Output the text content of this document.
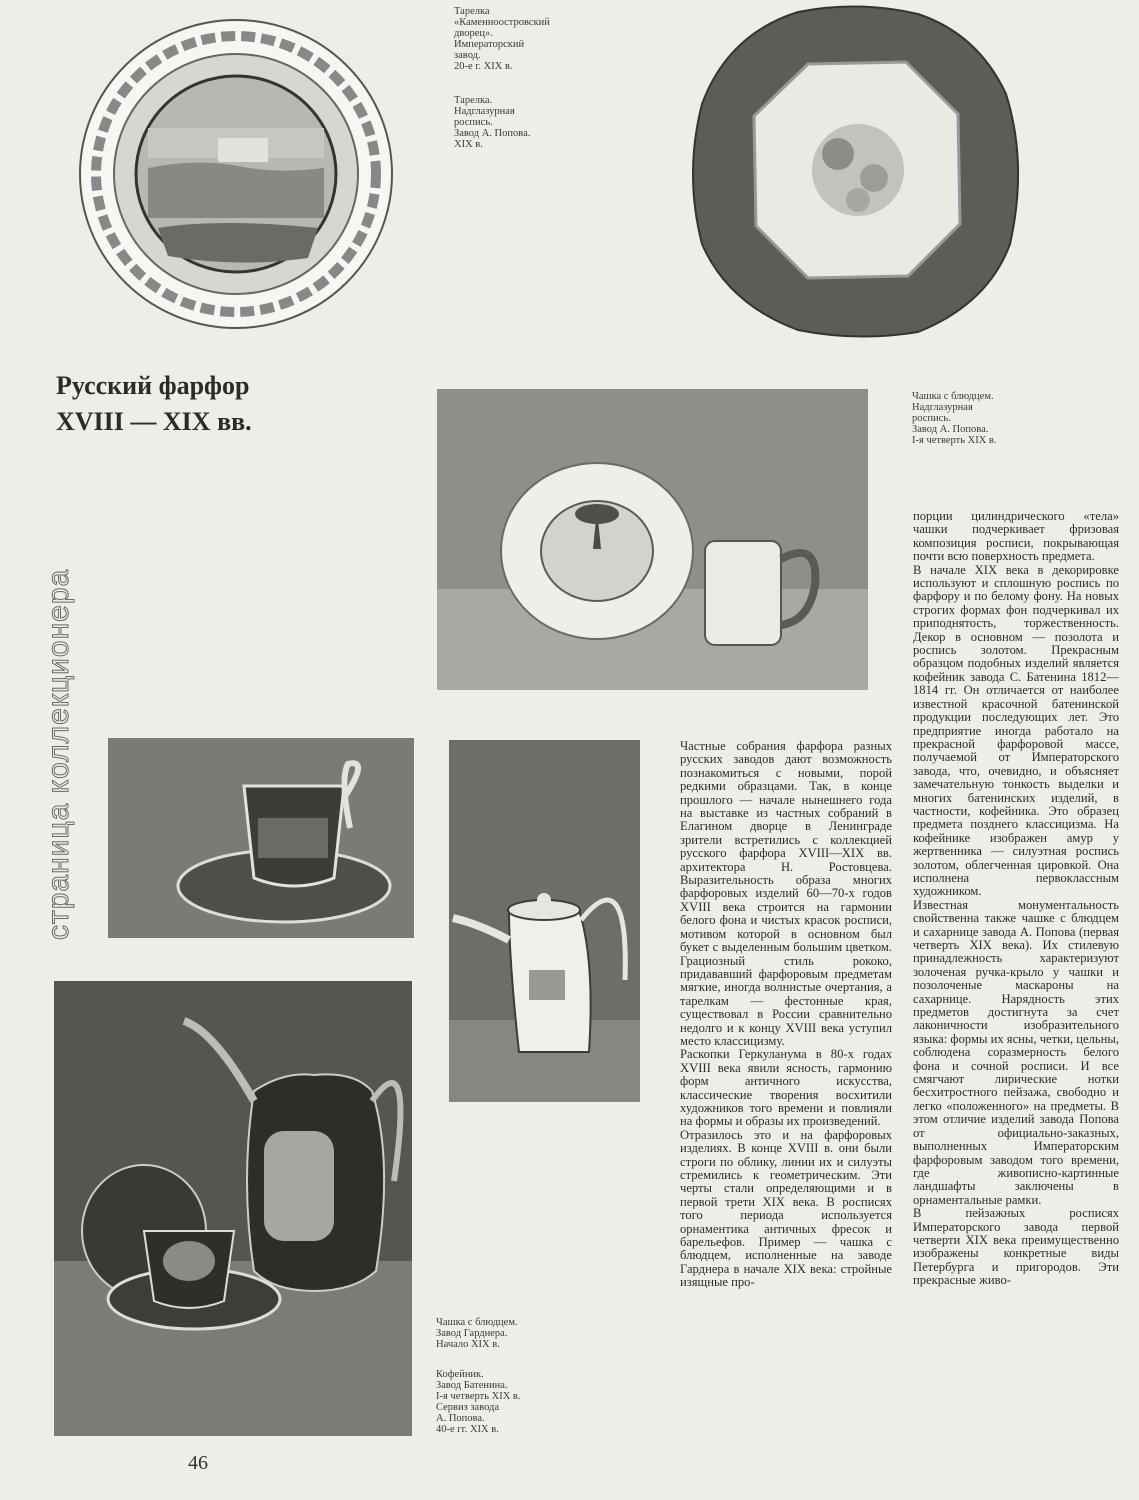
Тарелка
«Каменноостровский
дворец».
Императорский
завод.
20-е г. XIX в.
Тарелка.
Надглазурная
роспись.
Завод А. Попова.
XIX в.
Русский фарфор
XVIII — XIX вв.
страница коллекционера
Чашка с блюдцем.
Надглазурная
роспись.
Завод А. Попова.
I-я четверть XIX в.
Чашка с блюдцем.
Завод Гарднера.
Начало XIX в.
Кофейник.
Завод Батенина.
I-я четверть XIX в.
Сервиз завода
А. Попова.
40-е гг. XIX в.

Частные собрания фарфора разных русских заводов дают возможность познакомиться с новыми, порой редкими образцами. Так, в конце прошлого — начале нынешнего года на выставке из частных собраний в Елагином дворце в Ленинграде зрители встретились с коллекцией русского фарфора XVIII—XIX вв. архитектора Н. Ростовцева. Выразительность образа многих фарфоровых изделий 60—70-х годов XVIII века строится на гармонии белого фона и чистых красок росписи, мотивом которой в основном был букет с выделенным большим цветком. Грациозный стиль рококо, придававший фарфоровым предметам мягкие, иногда волнистые очертания, а тарелкам — фестонные края, существовал в России сравнительно недолго и к концу XVIII века уступил место классицизму.

Раскопки Геркуланума в 80-х годах XVIII века явили ясность, гармонию форм античного искусства, классические творения восхитили художников того времени и повлияли на формы и образы их произведений.

Отразилось это и на фарфоровых изделиях. В конце XVIII в. они были строги по облику, линии их и силуэты стремились к геометрическим. Эти черты стали определяющими и в первой трети XIX века. В росписях того периода используется орнаментика античных фресок и барельефов. Пример — чашка с блюдцем, исполненные на заводе Гарднера в начале XIX века: стройные изящные про-

порции цилиндрического «тела» чашки подчеркивает фризовая композиция росписи, покрывающая почти всю поверхность предмета.

В начале XIX века в декорировке используют и сплошную роспись по фарфору и по белому фону. На новых строгих формах фон подчеркивал их приподнятость, торжественность. Декор в основном — позолота и роспись золотом. Прекрасным образцом подобных изделий является кофейник завода С. Батенина 1812—1814 гг. Он отличается от наиболее известной красочной батенинской продукции последующих лет. Это предприятие иногда работало на прекрасной фарфоровой массе, получаемой от Императорского завода, что, очевидно, и объясняет замечательную тонкость выделки и многих батенинских изделий, в частности, кофейника. Это образец предмета позднего классицизма. На кофейнике изображен амур у жертвенника — силуэтная роспись золотом, облегченная цировкой. Она исполнена первоклассным художником.

Известная монументальность свойственна также чашке с блюдцем и сахарнице завода А. Попова (первая четверть XIX века). Их стилевую принадлежность характеризуют золоченая ручка-крыло у чашки и позолоченые маскароны на сахарнице. Нарядность этих предметов достигнута за счет лаконичности изобразительного языка: формы их ясны, четки, цельны, соблюдена соразмерность белого фона и сочной росписи. И все смягчают лирические нотки бесхитростного пейзажа, свободно и легко «положенного» на предметы. В этом отличие изделий завода Попова от официально-заказных, выполненных Императорским фарфоровым заводом того времени, где живописно-картинные ландшафты заключены в орнаментальные рамки.

В пейзажных росписях Императорского завода первой четверти XIX века преимущественно изображены конкретные виды Петербурга и пригородов. Эти прекрасные живо-

46
